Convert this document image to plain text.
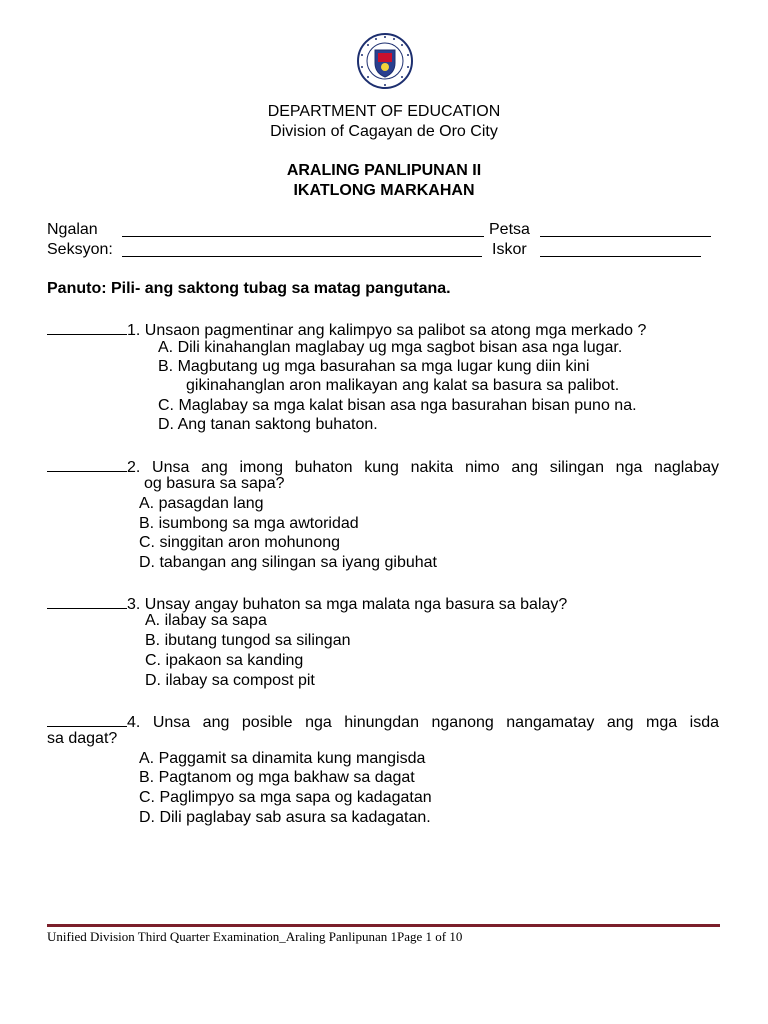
DEPARTMENT OF EDUCATION
Division of Cagayan de Oro City
ARALING PANLIPUNAN II
IKATLONG MARKAHAN
Ngalan	Petsa
Seksyon:	Iskor
Panuto: Pili- ang saktong tubag sa matag pangutana.
1. Unsaon pagmentinar ang kalimpyo sa palibot sa atong mga merkado ?
A. Dili kinahanglan maglabay ug mga sagbot bisan asa nga lugar.
B. Magbutang ug mga basurahan sa mga lugar kung diin kini
gikinahanglan aron malikayan ang kalat sa basura sa palibot.
C. Maglabay sa mga kalat bisan asa nga basurahan bisan puno na.
D. Ang tanan saktong buhaton.
2. Unsa ang imong buhaton kung nakita nimo ang silingan nga naglabay
og basura sa sapa?
A. pasagdan lang
B. isumbong sa mga awtoridad
C. singgitan aron mohunong
D. tabangan ang silingan sa iyang gibuhat
3. Unsay angay buhaton sa mga malata nga basura sa balay?
A. ilabay sa sapa
B. ibutang tungod sa silingan
C. ipakaon sa kanding
D. ilabay sa compost pit
4. Unsa ang posible nga hinungdan nganong nangamatay ang mga isda
sa dagat?
A. Paggamit sa dinamita kung mangisda
B. Pagtanom og mga bakhaw sa dagat
C. Paglimpyo sa mga sapa og kadagatan
D. Dili paglabay sab asura sa kadagatan.
Unified Division Third Quarter Examination_Araling Panlipunan 1Page 1 of 10
